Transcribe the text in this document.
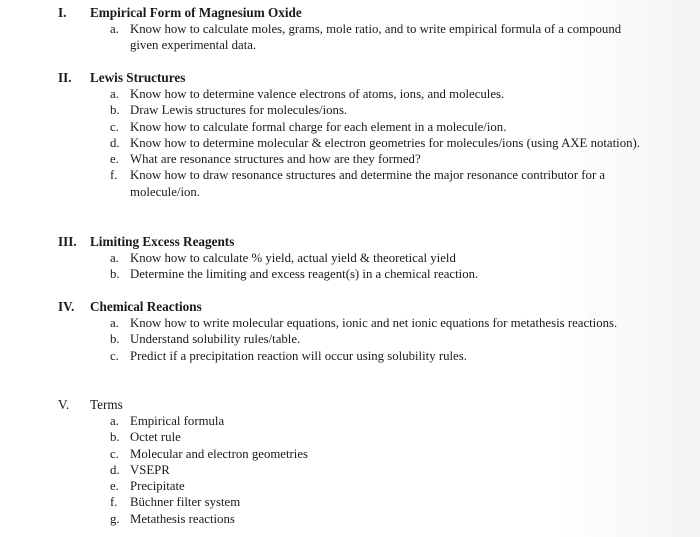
I. Empirical Form of Magnesium Oxide
a. Know how to calculate moles, grams, mole ratio, and to write empirical formula of a compound given experimental data.
II. Lewis Structures
a. Know how to determine valence electrons of atoms, ions, and molecules.
b. Draw Lewis structures for molecules/ions.
c. Know how to calculate formal charge for each element in a molecule/ion.
d. Know how to determine molecular & electron geometries for molecules/ions (using AXE notation).
e. What are resonance structures and how are they formed?
f. Know how to draw resonance structures and determine the major resonance contributor for a molecule/ion.
III. Limiting Excess Reagents
a. Know how to calculate % yield, actual yield & theoretical yield
b. Determine the limiting and excess reagent(s) in a chemical reaction.
IV. Chemical Reactions
a. Know how to write molecular equations, ionic and net ionic equations for metathesis reactions.
b. Understand solubility rules/table.
c. Predict if a precipitation reaction will occur using solubility rules.
V. Terms
a. Empirical formula
b. Octet rule
c. Molecular and electron geometries
d. VSEPR
e. Precipitate
f. Büchner filter system
g. Metathesis reactions
